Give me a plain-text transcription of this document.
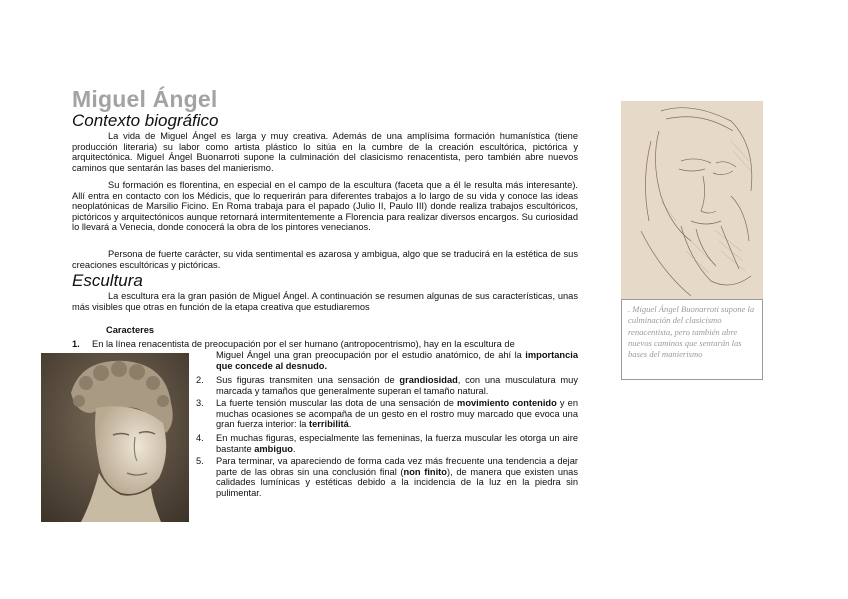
Miguel Ángel
Contexto biográfico
La vida de Miguel Ángel es larga y muy creativa. Además de una amplísima formación humanística (tiene producción literaria) su labor como artista plástico lo sitúa en la cumbre de la creación escultórica, pictórica y arquitectónica. Miguel Ángel Buonarroti supone la culminación del clasicismo renacentista, pero también abre nuevos caminos que sentarán las bases del manierismo.
Su formación es florentina, en especial en el campo de la escultura (faceta que a él le resulta más interesante). Allí entra en contacto con los Médicis, que lo requerirán para diferentes trabajos a lo largo de su vida y conoce las ideas neoplatónicas de Marsilio Ficino. En Roma trabaja para el papado (Julio II, Paulo III) donde realiza trabajos escultóricos, pictóricos y arquitectónicos aunque retornará intermitentemente a Florencia para realizar diversos encargos. Su curiosidad lo llevará a Venecia, donde conocerá la obra de los pintores venecianos.
Persona de fuerte carácter, su vida sentimental es azarosa y ambigua, algo que se traducirá en la estética de sus creaciones escultóricas y pictóricas.
Escultura
La escultura era la gran pasión de Miguel Ángel. A continuación se resumen algunas de sus características, unas más visibles que otras en función de la etapa creativa que estudiaremos
Caracteres
1. En la línea renacentista de preocupación por el ser humano (antropocentrismo), hay en la escultura de
Miguel Ángel una gran preocupación por el estudio anatómico, de ahí la importancia que concede al desnudo.
2.	Sus figuras transmiten una sensación de grandiosidad, con una musculatura muy marcada y tamaños que generalmente superan el tamaño natural.
3.	La fuerte tensión muscular las dota de una sensación de movimiento contenido y en muchas ocasiones se acompaña de un gesto en el rostro muy marcado que evoca una gran fuerza interior: la terribilitá.
4.	En muchas figuras, especialmente las femeninas, la fuerza muscular les otorga un aire bastante ambiguo.
5.	Para terminar, va apareciendo de forma cada vez más frecuente una tendencia a dejar parte de las obras sin una conclusión final (non finito), de manera que existen unas calidades lumínicas y estéticas debido a la incidencia de la luz en la piedra sin pulimentar.
. Miguel Ángel Buonarroti supone la culminación del clasicismo renacentista, pero también abre nuevos caminos que sentarán las bases del manierismo
